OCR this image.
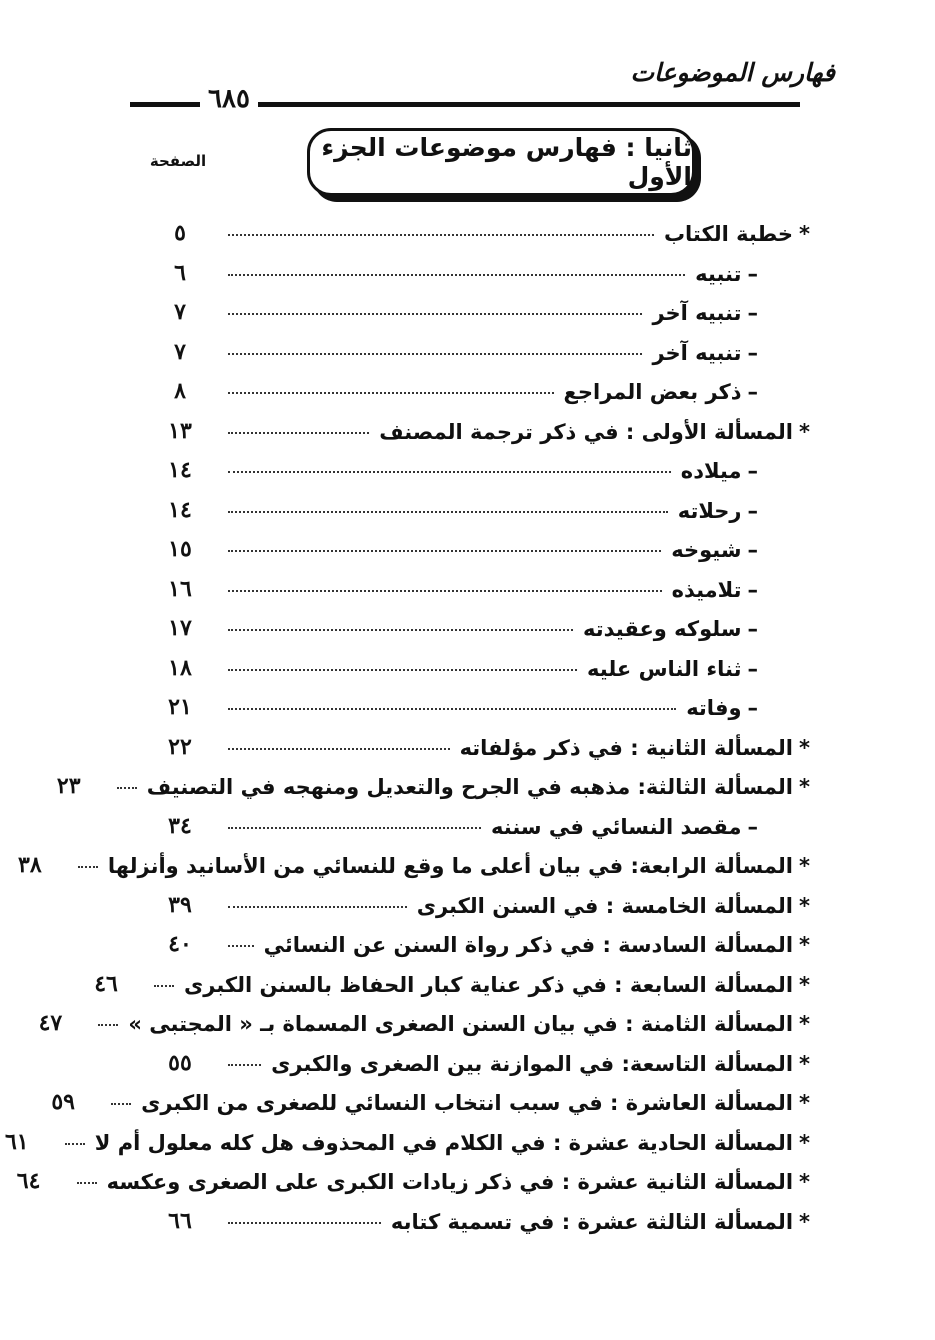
فهارس الموضوعات
٦٨٥
ثانيا : فهارس موضوعات الجزء الأول
الصفحة
*
خطبة الكتاب
٥
–
تنبيه
٦
–
تنبيه آخر
٧
–
تنبيه آخر
٧
–
ذكر بعض المراجع
٨
*
المسألة الأولى : في ذكر ترجمة المصنف
١٣
–
ميلاده
١٤
–
رحلاته
١٤
–
شيوخه
١٥
–
تلاميذه
١٦
–
سلوكه وعقيدته
١٧
–
ثناء الناس عليه
١٨
–
وفاته
٢١
*
المسألة الثانية : في ذكر مؤلفاته
٢٢
*
المسألة الثالثة: مذهبه في الجرح والتعديل ومنهجه في التصنيف
٢٣
–
مقصد النسائي في سننه
٣٤
*
المسألة الرابعة: في بيان أعلى ما وقع للنسائي من الأسانيد وأنزلها
٣٨
*
المسألة الخامسة : في السنن الكبرى
٣٩
*
المسألة السادسة : في ذكر رواة السنن عن النسائي
٤٠
*
المسألة السابعة : في ذكر عناية كبار الحفاظ بالسنن الكبرى
٤٦
*
المسألة الثامنة : في بيان السنن الصغرى المسماة بـ « المجتبى »
٤٧
*
المسألة التاسعة: في الموازنة بين الصغرى والكبرى
٥٥
*
المسألة العاشرة : في سبب انتخاب النسائي للصغرى من الكبرى
٥٩
*
المسألة الحادية عشرة : في الكلام في المحذوف هل كله معلول أم لا
٦١
*
المسألة الثانية عشرة : في ذكر زيادات الكبرى على الصغرى وعكسه
٦٤
*
المسألة الثالثة عشرة : في تسمية كتابه
٦٦
